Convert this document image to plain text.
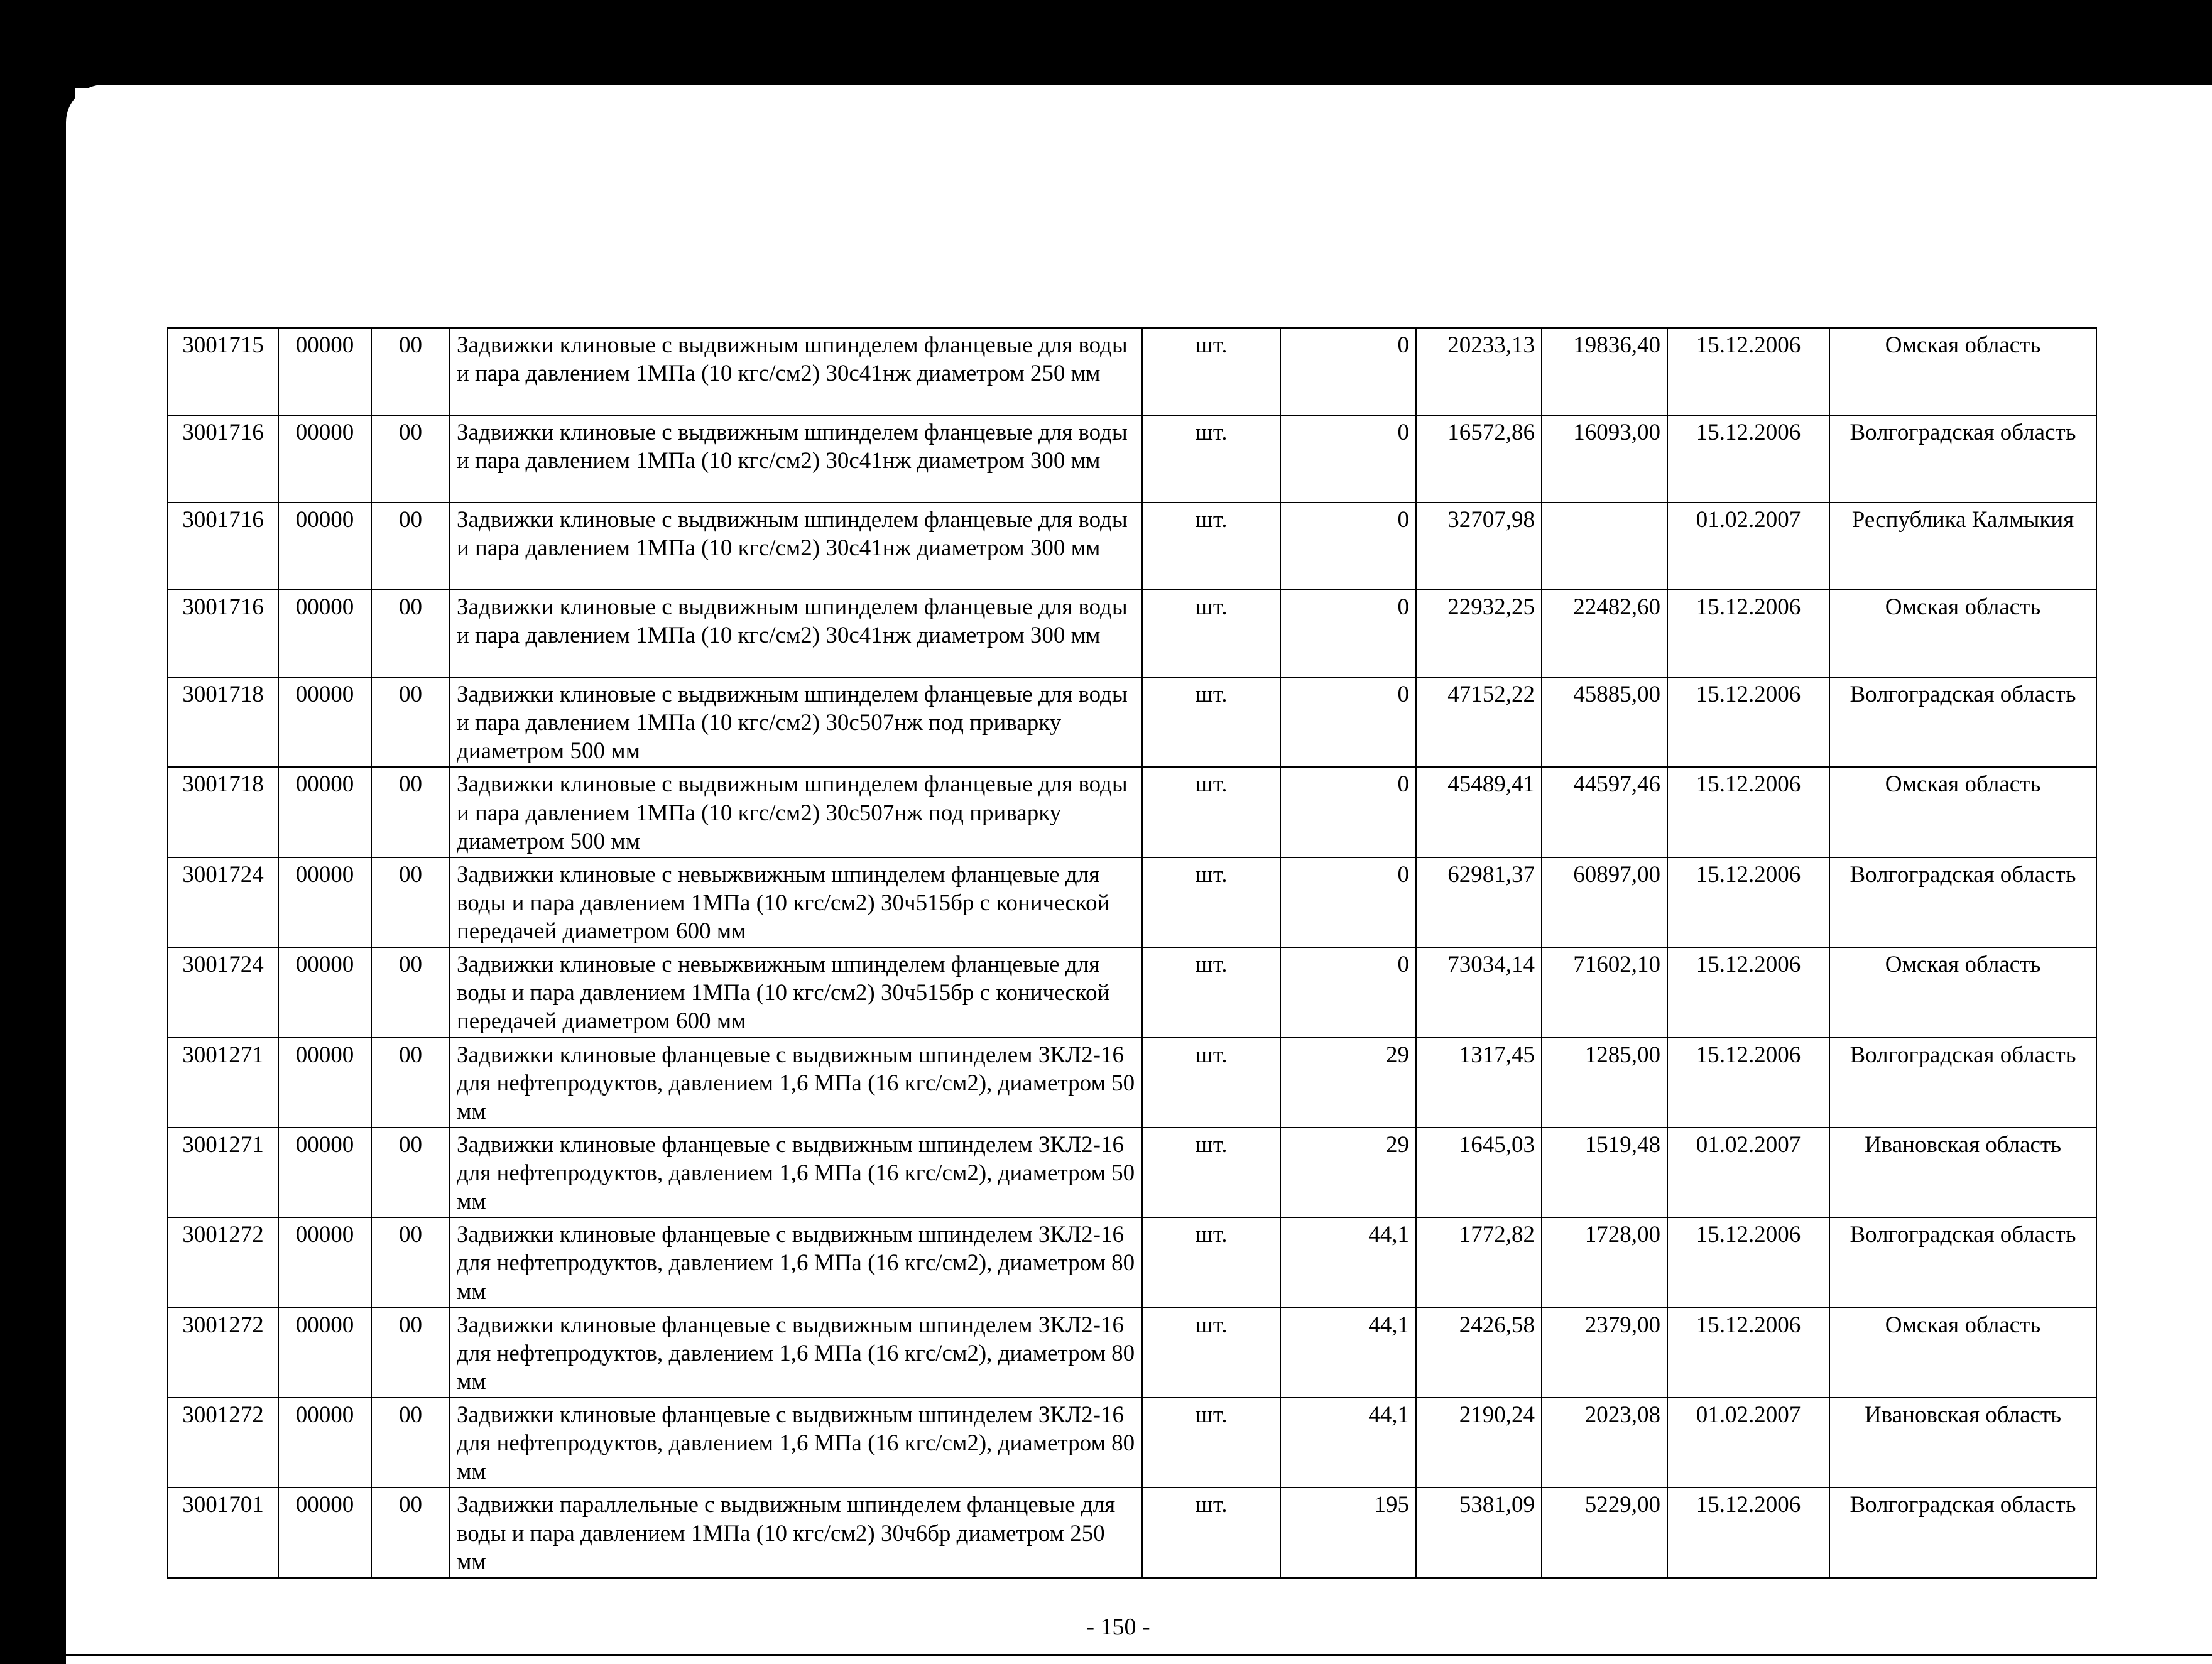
3001715	00000	00	Задвижки клиновые с выдвижным шпинделем фланцевые для воды и пара давлением 1МПа (10 кгс/см2) 30с41нж диаметром 250 мм	шт.	0	20233,13	19836,40	15.12.2006	Омская область
3001716	00000	00	Задвижки клиновые с выдвижным шпинделем фланцевые для воды и пара давлением 1МПа (10 кгс/см2) 30с41нж диаметром 300 мм	шт.	0	16572,86	16093,00	15.12.2006	Волгоградская область
3001716	00000	00	Задвижки клиновые с выдвижным шпинделем фланцевые для воды и пара давлением 1МПа (10 кгс/см2) 30с41нж диаметром 300 мм	шт.	0	32707,98		01.02.2007	Республика Калмыкия
3001716	00000	00	Задвижки клиновые с выдвижным шпинделем фланцевые для воды и пара давлением 1МПа (10 кгс/см2) 30с41нж диаметром 300 мм	шт.	0	22932,25	22482,60	15.12.2006	Омская область
3001718	00000	00	Задвижки клиновые с выдвижным шпинделем фланцевые для воды и пара давлением 1МПа (10 кгс/см2) 30с507нж под приварку диаметром 500 мм	шт.	0	47152,22	45885,00	15.12.2006	Волгоградская область
3001718	00000	00	Задвижки клиновые с выдвижным шпинделем фланцевые для воды и пара давлением 1МПа (10 кгс/см2) 30с507нж под приварку диаметром 500 мм	шт.	0	45489,41	44597,46	15.12.2006	Омская область
3001724	00000	00	Задвижки клиновые с невыжвижным шпинделем фланцевые для воды и пара давлением 1МПа (10 кгс/см2) 30ч515бр с конической передачей диаметром 600 мм	шт.	0	62981,37	60897,00	15.12.2006	Волгоградская область
3001724	00000	00	Задвижки клиновые с невыжвижным шпинделем фланцевые для воды и пара давлением 1МПа (10 кгс/см2) 30ч515бр с конической передачей диаметром 600 мм	шт.	0	73034,14	71602,10	15.12.2006	Омская область
3001271	00000	00	Задвижки клиновые фланцевые с выдвижным шпинделем ЗКЛ2-16 для нефтепродуктов, давлением 1,6 МПа (16 кгс/см2), диаметром 50 мм	шт.	29	1317,45	1285,00	15.12.2006	Волгоградская область
3001271	00000	00	Задвижки клиновые фланцевые с выдвижным шпинделем ЗКЛ2-16 для нефтепродуктов, давлением 1,6 МПа (16 кгс/см2), диаметром 50 мм	шт.	29	1645,03	1519,48	01.02.2007	Ивановская область
3001272	00000	00	Задвижки клиновые фланцевые с выдвижным шпинделем ЗКЛ2-16 для нефтепродуктов, давлением 1,6 МПа (16 кгс/см2), диаметром 80 мм	шт.	44,1	1772,82	1728,00	15.12.2006	Волгоградская область
3001272	00000	00	Задвижки клиновые фланцевые с выдвижным шпинделем ЗКЛ2-16 для нефтепродуктов, давлением 1,6 МПа (16 кгс/см2), диаметром 80 мм	шт.	44,1	2426,58	2379,00	15.12.2006	Омская область
3001272	00000	00	Задвижки клиновые фланцевые с выдвижным шпинделем ЗКЛ2-16 для нефтепродуктов, давлением 1,6 МПа (16 кгс/см2), диаметром 80 мм	шт.	44,1	2190,24	2023,08	01.02.2007	Ивановская область
3001701	00000	00	Задвижки параллельные с выдвижным шпинделем фланцевые для воды и пара давлением 1МПа (10 кгс/см2) 30ч6бр диаметром 250 мм	шт.	195	5381,09	5229,00	15.12.2006	Волгоградская область
- 150 -
